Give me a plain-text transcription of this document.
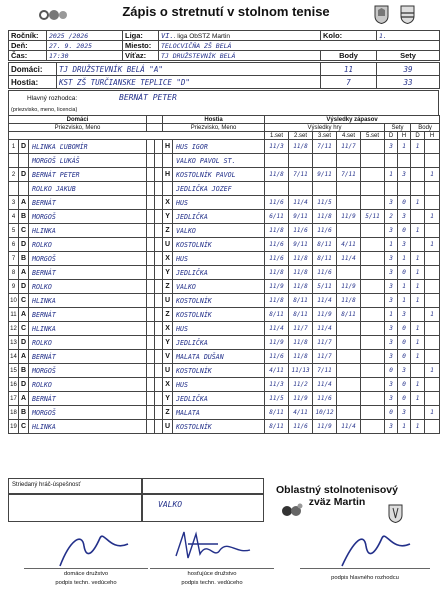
Zápis o stretnutí v stolnom tenise
Ročník:	2025 /2026	Liga:	VI.. liga ObSTZ Martin	Kolo:	1.
Deň:	27. 9. 2025	Miesto:	TELOCVIČŇA ZŠ BELÁ		
Čas:	17:30	Víťaz:	TJ DRUŽSTEVNÍK BELÁ	Body	Sety
Domáci:	TJ DRUŽSTEVNÍK BELÁ "A"	11	39
Hostia:	KST ZŠ TURČIANSKE TEPLICE "D"	7	33
Hlavný rozhodca:	BERNÁT PETER
(priezvisko, meno, licencia)
Domáci					Hostia		Výsledky zápasov								
Priezvisko, Meno					Priezvisko, Meno		Výsledky hry					Sety		Body	
							1.set	2.set	3.set	4.set	5.set	D	H	D	H
1	D	HLINKA ĽUBOMÍR			H	HUS IGOR	11/3	11/8	7/11	11/7		3	1	1	
		MORGOŠ LUKÁŠ				VALKO PAVOL ST.									
2	D	BERNÁT PETER			H	KOSTOLNÍK PAVOL	11/8	7/11	9/11	7/11		1	3		1
		ROLKO JAKUB				JEDLIČKA JOZEF									
3	A	BERNÁT			X	HUS	11/6	11/4	11/5			3	0	1	
4	B	MORGOŠ			Y	JEDLIČKA	6/11	9/11	11/8	11/9	5/11	2	3		1
5	C	HLINKA			Z	VALKO	11/8	11/6	11/6			3	0	1	
6	D	ROLKO			U	KOSTOLNÍK	11/6	9/11	8/11	4/11		1	3		1
7	B	MORGOŠ			X	HUS	11/6	11/8	8/11	11/4		3	1	1	
8	A	BERNÁT			Y	JEDLIČKA	11/8	11/8	11/6			3	0	1	
9	D	ROLKO			Z	VALKO	11/9	11/8	5/11	11/9		3	1	1	
10	C	HLINKA			U	KOSTOLNÍK	11/8	8/11	11/4	11/8		3	1	1	
11	A	BERNÁT			Z	KOSTOLNÍK	8/11	8/11	11/9	8/11		1	3		1
12	C	HLINKA			X	HUS	11/4	11/7	11/4			3	0	1	
13	D	ROLKO			Y	JEDLIČKA	11/9	11/8	11/7			3	0	1	
14	A	BERNÁT			V	MALATA DUŠAN	11/6	11/8	11/7			3	0	1	
15	B	MORGOŠ			U	KOSTOLNÍK	4/11	11/13	7/11			0	3		1
16	D	ROLKO			X	HUS	11/3	11/2	11/4			3	0	1	
17	A	BERNÁT			Y	JEDLIČKA	11/5	11/9	11/6			3	0	1	
18	B	MORGOŠ			Z	MALATA	8/11	4/11	10/12			0	3		1
19	C	HLINKA			U	KOSTOLNÍK	8/11	11/6	11/9	11/4		3	1	1	
Striedaný hráč-úspešnosť
VALKO
Oblastný stolnotenisový
zväz Martin
domáce družstvo
podpis techn. vedúceho
hosťujúce družstvo
podpis techn. vedúceho
podpis hlavného rozhodcu
